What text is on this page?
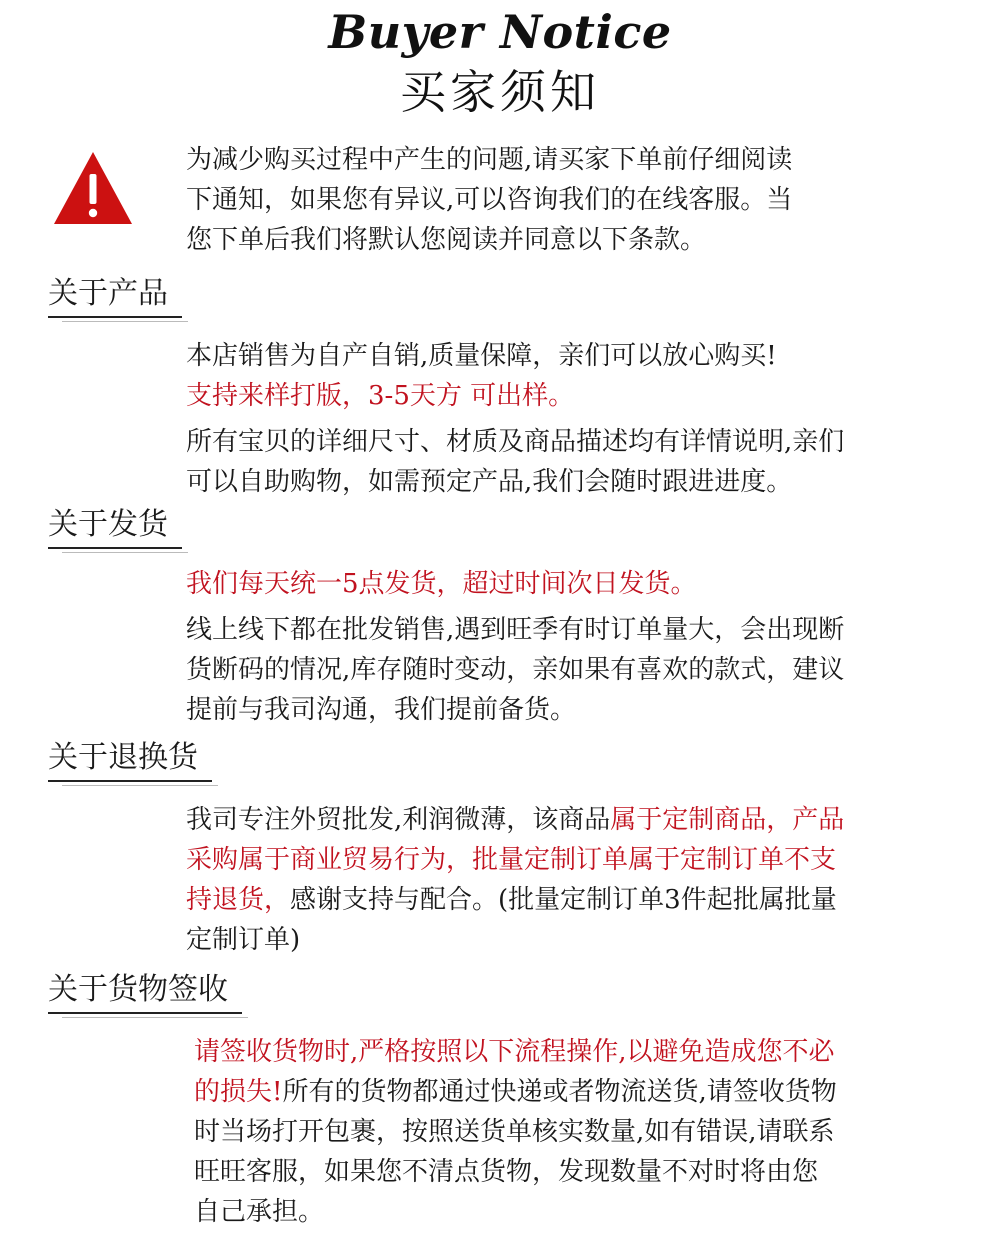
Buyer Notice
买家须知

为减少购买过程中产生的问题,请买家下单前仔细阅读

下通知，如果您有异议,可以咨询我们的在线客服。当

您下单后我们将默认您阅读并同意以下条款。

关于产品

本店销售为自产自销,质量保障，亲们可以放心购买!

支持来样打版，3-5天方 可出样。

所有宝贝的详细尺寸、材质及商品描述均有详情说明,亲们

可以自助购物，如需预定产品,我们会随时跟进进度。

关于发货

我们每天统一5点发货，超过时间次日发货。

线上线下都在批发销售,遇到旺季有时订单量大，会出现断

货断码的情况,库存随时变动，亲如果有喜欢的款式，建议

提前与我司沟通，我们提前备货。

关于退换货

我司专注外贸批发,利润微薄，该商品属于定制商品，产品

采购属于商业贸易行为，批量定制订单属于定制订单不支

持退货，感谢支持与配合。(批量定制订单3件起批属批量

定制订单)

关于货物签收

请签收货物时,严格按照以下流程操作,以避免造成您不必

的损失!所有的货物都通过快递或者物流送货,请签收货物

时当场打开包裹，按照送货单核实数量,如有错误,请联系

旺旺客服，如果您不清点货物，发现数量不对时将由您

自己承担。
